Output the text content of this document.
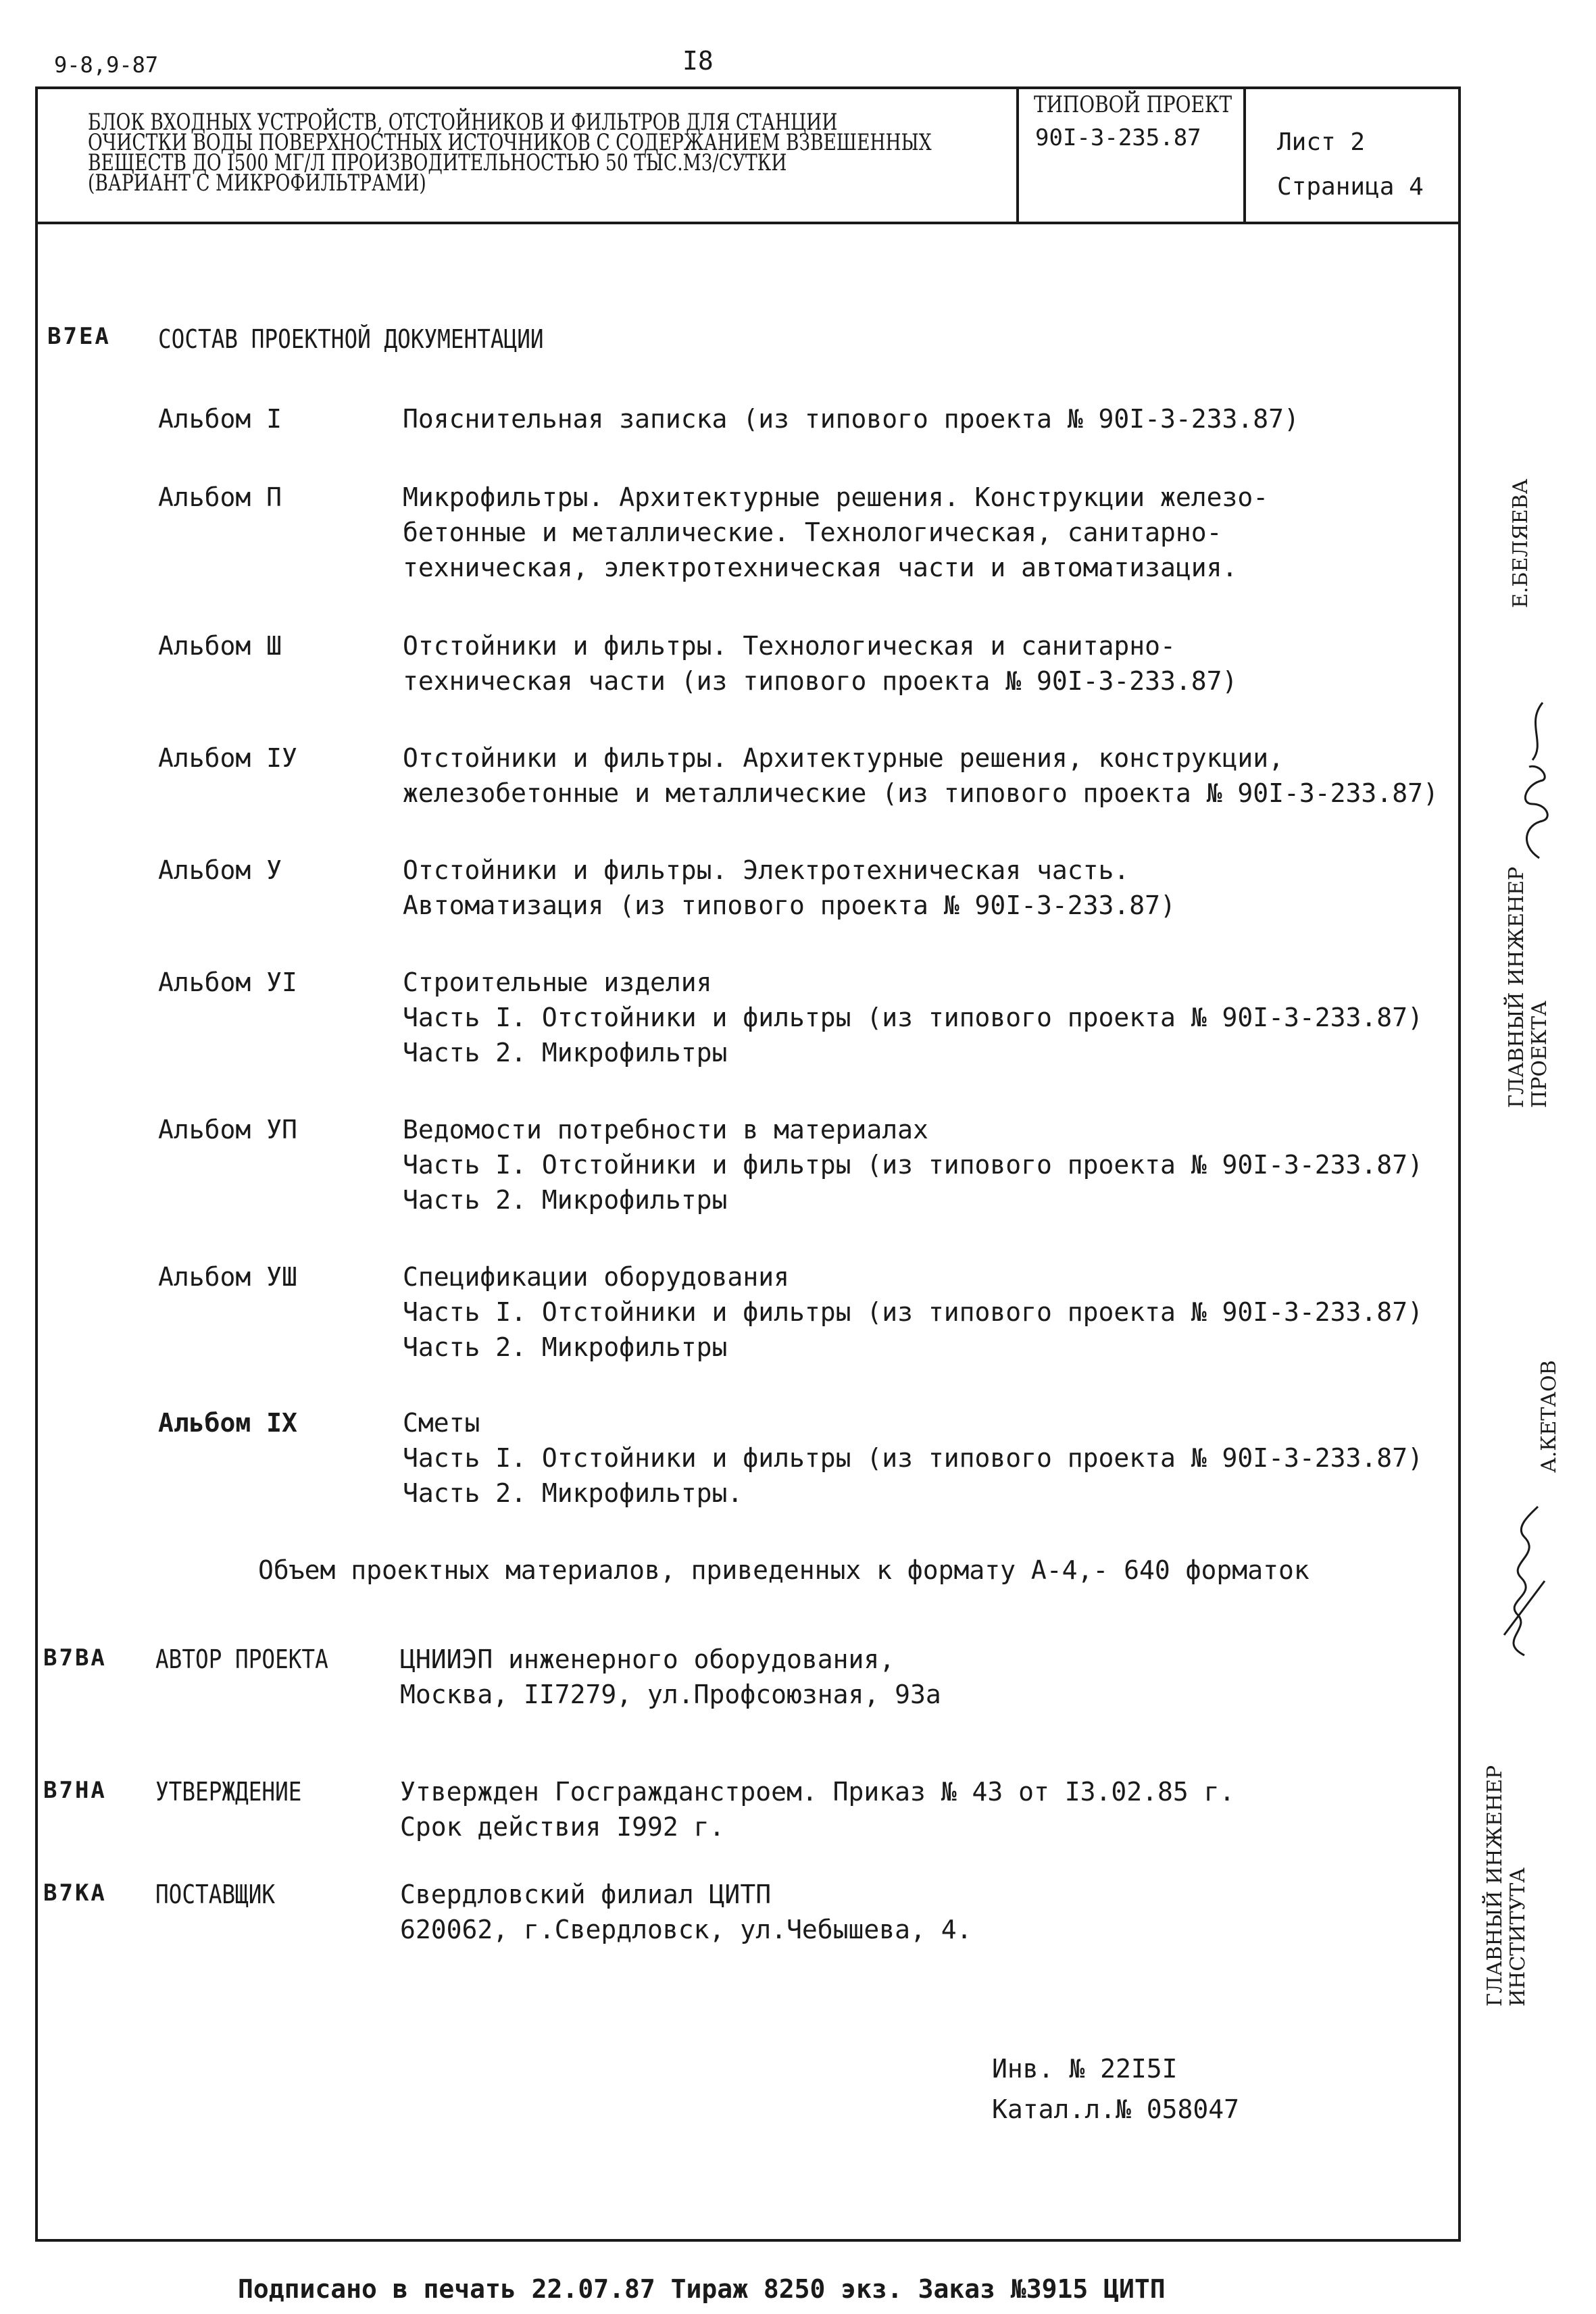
9-8,9-87	I8
БЛОК ВХОДНЫХ УСТРОЙСТВ, ОТСТОЙНИКОВ И ФИЛЬТРОВ ДЛЯ СТАНЦИИ
ОЧИСТКИ ВОДЫ ПОВЕРХНОСТНЫХ ИСТОЧНИКОВ С СОДЕРЖАНИЕМ ВЗВЕШЕННЫХ
ВЕЩЕСТВ ДО I500 МГ/Л ПРОИЗВОДИТЕЛЬНОСТЬЮ 50 ТЫС.М3/СУТКИ
(ВАРИАНТ С МИКРОФИЛЬТРАМИ)
ТИПОВОЙ ПРОЕКТ
90I-3-235.87	Лист 2
Страница 4
В7ЕА СОСТАВ ПРОЕКТНОЙ ДОКУМЕНТАЦИИ
Альбом I	Пояснительная записка (из типового проекта № 90I-3-233.87)
Альбом П	Микрофильтры. Архитектурные решения. Конструкции железо-
бетонные и металлические. Технологическая, санитарно-
техническая, электротехническая части и автоматизация.
Альбом Ш	Отстойники и фильтры. Технологическая и санитарно-
техническая части (из типового проекта № 90I-3-233.87)
Альбом IУ	Отстойники и фильтры. Архитектурные решения, конструкции,
железобетонные и металлические (из типового проекта № 90I-3-233.87)
Альбом У	Отстойники и фильтры. Электротехническая часть.
Автоматизация (из типового проекта № 90I-3-233.87)
Альбом УI	Строительные изделия
Часть I. Отстойники и фильтры (из типового проекта № 90I-3-233.87)
Часть 2. Микрофильтры
Альбом УП	Ведомости потребности в материалах
Часть I. Отстойники и фильтры (из типового проекта № 90I-3-233.87)
Часть 2. Микрофильтры
Альбом УШ	Спецификации оборудования
Часть I. Отстойники и фильтры (из типового проекта № 90I-3-233.87)
Часть 2. Микрофильтры
Альбом IX	Сметы
Часть I. Отстойники и фильтры (из типового проекта № 90I-3-233.87)
Часть 2. Микрофильтры.
Объем проектных материалов, приведенных к формату А-4,- 640 форматок
В7ВА АВТОР ПРОЕКТА	ЦНИИЭП инженерного оборудования,
Москва, II7279, ул.Профсоюзная, 93а
В7НА УТВЕРЖДЕНИЕ	Утвержден Госгражданстроем. Приказ № 43 от I3.02.85 г.
Срок действия I992 г.
В7КА ПОСТАВЩИК	Свердловский филиал ЦИТП
620062, г.Свердловск, ул.Чебышева, 4.
Инв. № 22I5I
Катал.л.№ 058047
Е.БЕЛЯЕВА
ГЛАВНЫЙ ИНЖЕНЕР ПРОЕКТА
А.КЕТАОВ
ГЛАВНЫЙ ИНЖЕНЕР ИНСТИТУТА
Подписано в печать 22.07.87 Тираж 8250 экз. Заказ №3915 ЦИТП
